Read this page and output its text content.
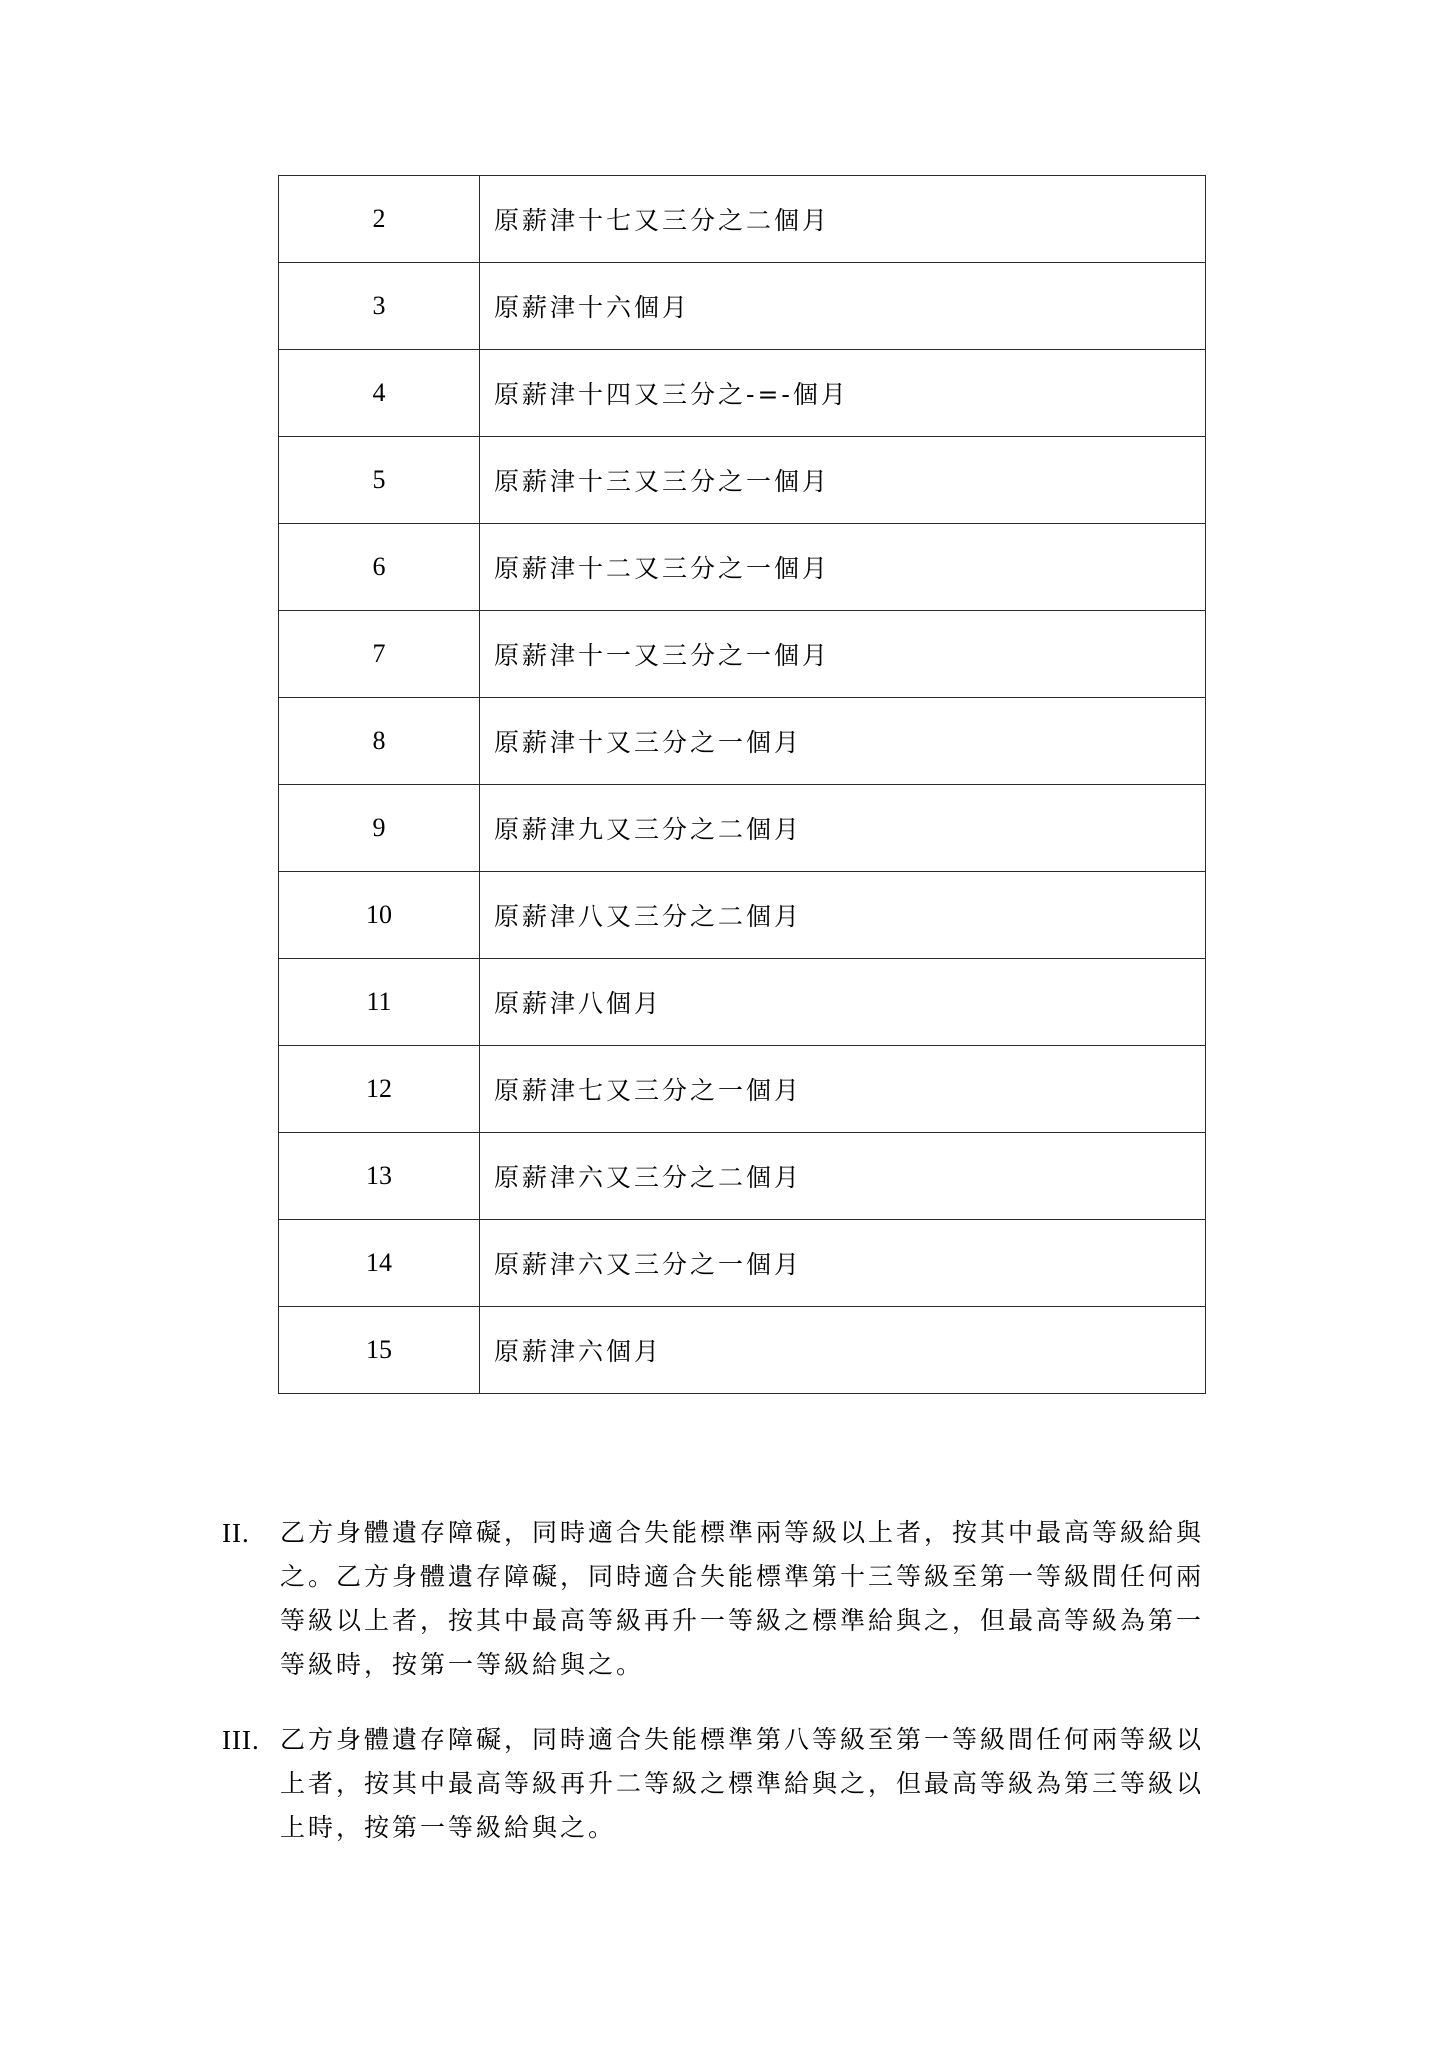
2	原薪津十七又三分之二個月
3	原薪津十六個月
4	原薪津十四又三分之-=-個月
5	原薪津十三又三分之一個月
6	原薪津十二又三分之一個月
7	原薪津十一又三分之一個月
8	原薪津十又三分之一個月
9	原薪津九又三分之二個月
10	原薪津八又三分之二個月
11	原薪津八個月
12	原薪津七又三分之一個月
13	原薪津六又三分之二個月
14	原薪津六又三分之一個月
15	原薪津六個月
II. 乙方身體遺存障礙，同時適合失能標準兩等級以上者，按其中最高等級給與之。乙方身體遺存障礙，同時適合失能標準第十三等級至第一等級間任何兩等級以上者，按其中最高等級再升一等級之標準給與之，但最高等級為第一等級時，按第一等級給與之。
III. 乙方身體遺存障礙，同時適合失能標準第八等級至第一等級間任何兩等級以上者，按其中最高等級再升二等級之標準給與之，但最高等級為第三等級以上時，按第一等級給與之。
